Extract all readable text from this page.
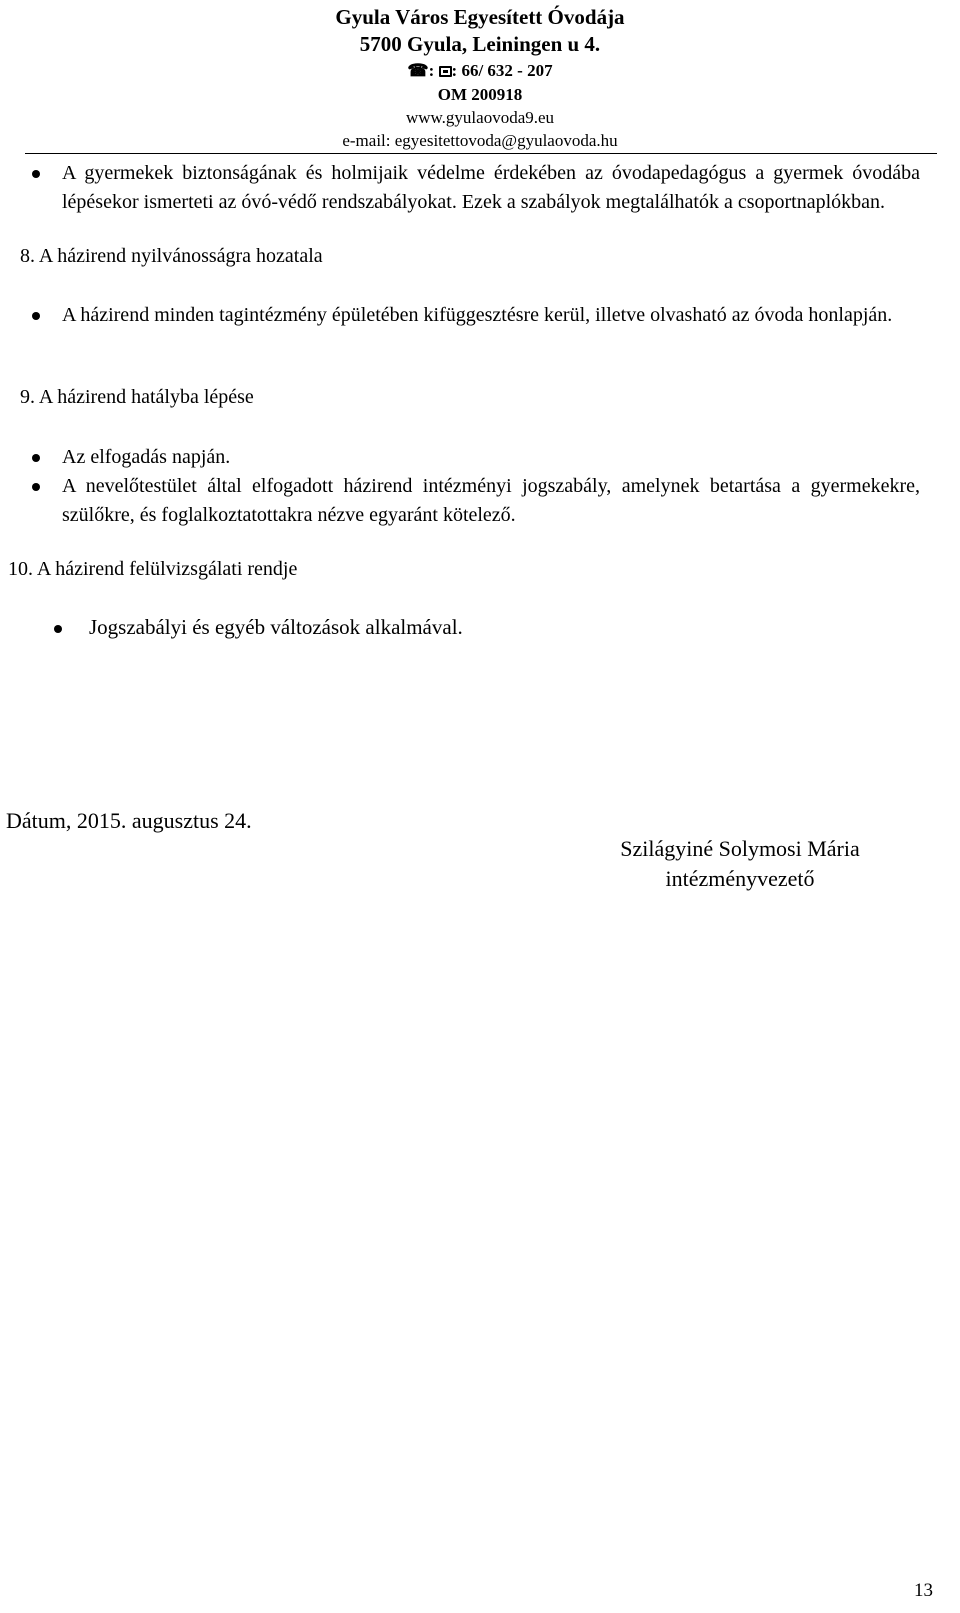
Gyula Város Egyesített Óvodája
5700 Gyula, Leiningen u 4.
☎: : 66/ 632 - 207
OM 200918
www.gyulaovoda9.eu
e-mail: egyesitettovoda@gyulaovoda.hu
A gyermekek biztonságának és holmijaik védelme érdekében az óvodapedagógus a gyermek óvodába lépésekor ismerteti az óvó-védő rendszabályokat. Ezek a szabályok megtalálhatók a csoportnaplókban.
8. A házirend nyilvánosságra hozatala
A házirend minden tagintézmény épületében kifüggesztésre kerül, illetve olvasható az óvoda honlapján.
9. A házirend hatályba lépése
Az elfogadás napján.
A nevelőtestület által elfogadott házirend intézményi jogszabály, amelynek betartása a gyermekekre, szülőkre, és foglalkoztatottakra nézve egyaránt kötelező.
10. A házirend felülvizsgálati rendje
Jogszabályi és egyéb változások alkalmával.
Dátum, 2015. augusztus 24.
Szilágyiné Solymosi Mária
intézményvezető
13
